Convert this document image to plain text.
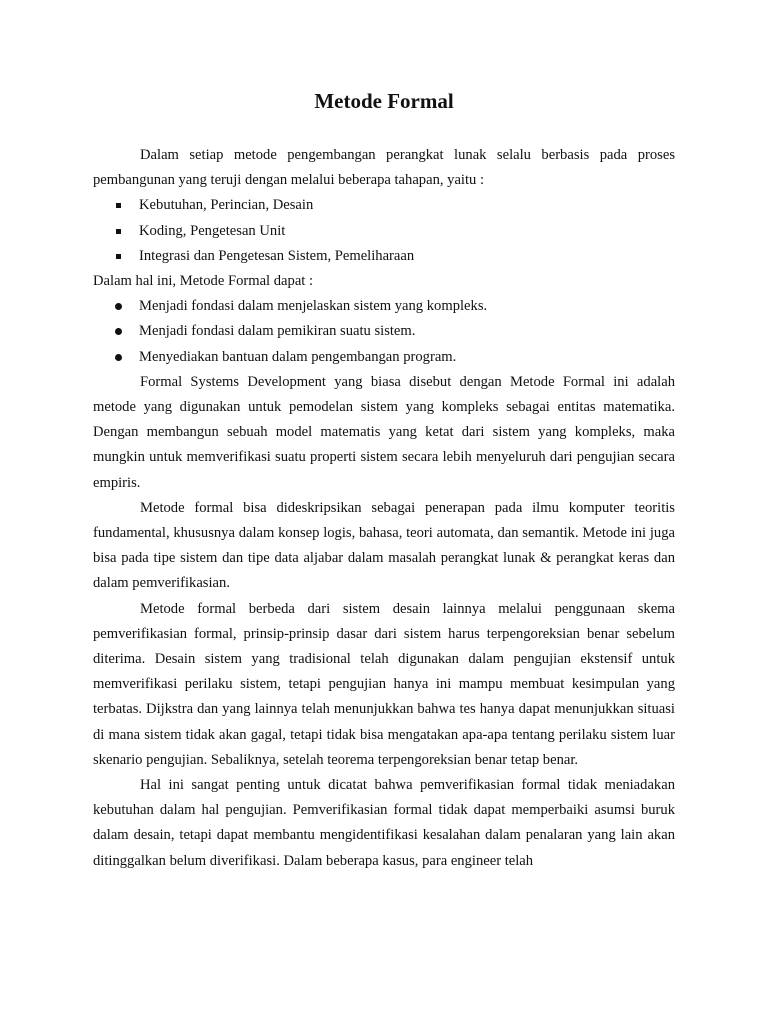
Metode Formal

Dalam setiap metode pengembangan perangkat lunak selalu berbasis pada proses pembangunan yang teruji dengan melalui beberapa tahapan, yaitu :

Kebutuhan, Perincian, Desain
Koding, Pengetesan Unit
Integrasi dan Pengetesan Sistem, Pemeliharaan

Dalam hal ini, Metode Formal dapat :

Menjadi fondasi dalam menjelaskan sistem yang kompleks.
Menjadi fondasi dalam pemikiran suatu sistem.
Menyediakan bantuan dalam pengembangan program.

Formal Systems Development yang biasa disebut dengan Metode Formal ini adalah metode yang digunakan untuk pemodelan sistem yang kompleks sebagai entitas matematika. Dengan membangun sebuah model matematis yang ketat dari sistem yang kompleks, maka mungkin untuk memverifikasi suatu properti sistem secara lebih menyeluruh dari pengujian secara empiris.

Metode formal bisa dideskripsikan sebagai penerapan pada ilmu komputer teoritis fundamental, khususnya dalam konsep logis, bahasa, teori automata, dan semantik. Metode ini juga bisa pada tipe sistem dan tipe data aljabar dalam masalah perangkat lunak & perangkat keras dan dalam pemverifikasian.

Metode formal berbeda dari sistem desain lainnya melalui penggunaan skema pemverifikasian formal, prinsip-prinsip dasar dari sistem harus terpengoreksian benar sebelum diterima. Desain sistem yang tradisional telah digunakan dalam pengujian ekstensif untuk memverifikasi perilaku sistem, tetapi pengujian hanya ini mampu membuat kesimpulan yang terbatas. Dijkstra dan yang lainnya telah menunjukkan bahwa tes hanya dapat menunjukkan situasi di mana sistem tidak akan gagal, tetapi tidak bisa mengatakan apa-apa tentang perilaku sistem luar skenario pengujian. Sebaliknya, setelah teorema terpengoreksian benar tetap benar.

Hal ini sangat penting untuk dicatat bahwa pemverifikasian formal tidak meniadakan kebutuhan dalam hal pengujian. Pemverifikasian formal tidak dapat memperbaiki asumsi buruk dalam desain, tetapi dapat membantu mengidentifikasi kesalahan dalam penalaran yang lain akan ditinggalkan belum diverifikasi. Dalam beberapa kasus, para engineer telah
